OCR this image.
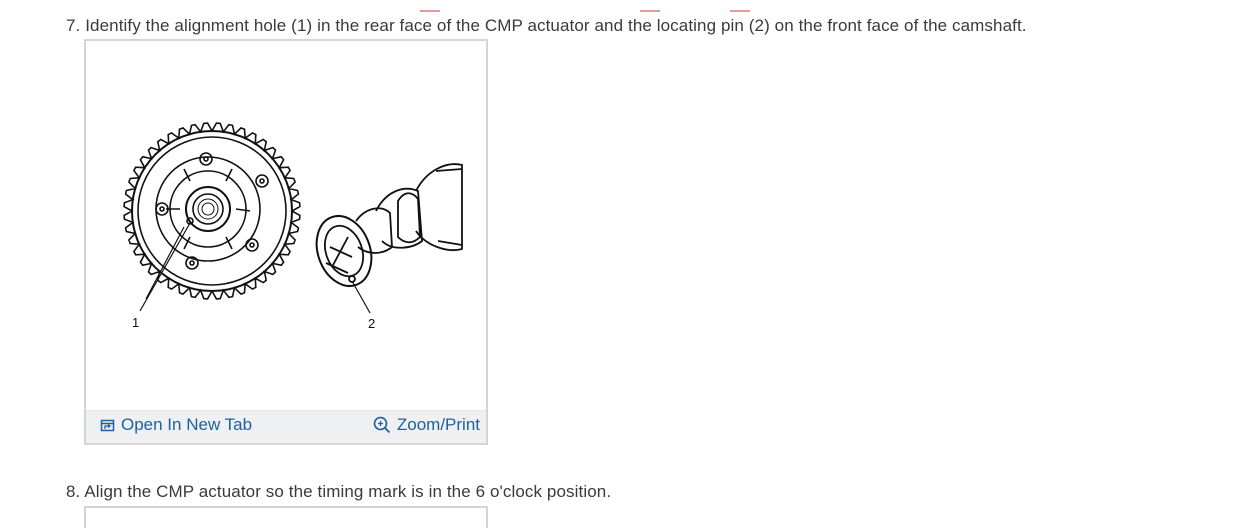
7. Identify the alignment hole (1) in the rear face of the CMP actuator and the locating pin (2) on the front face of the camshaft.
1	2
Open In New Tab	Zoom/Print
8. Align the CMP actuator so the timing mark is in the 6 o'clock position.
